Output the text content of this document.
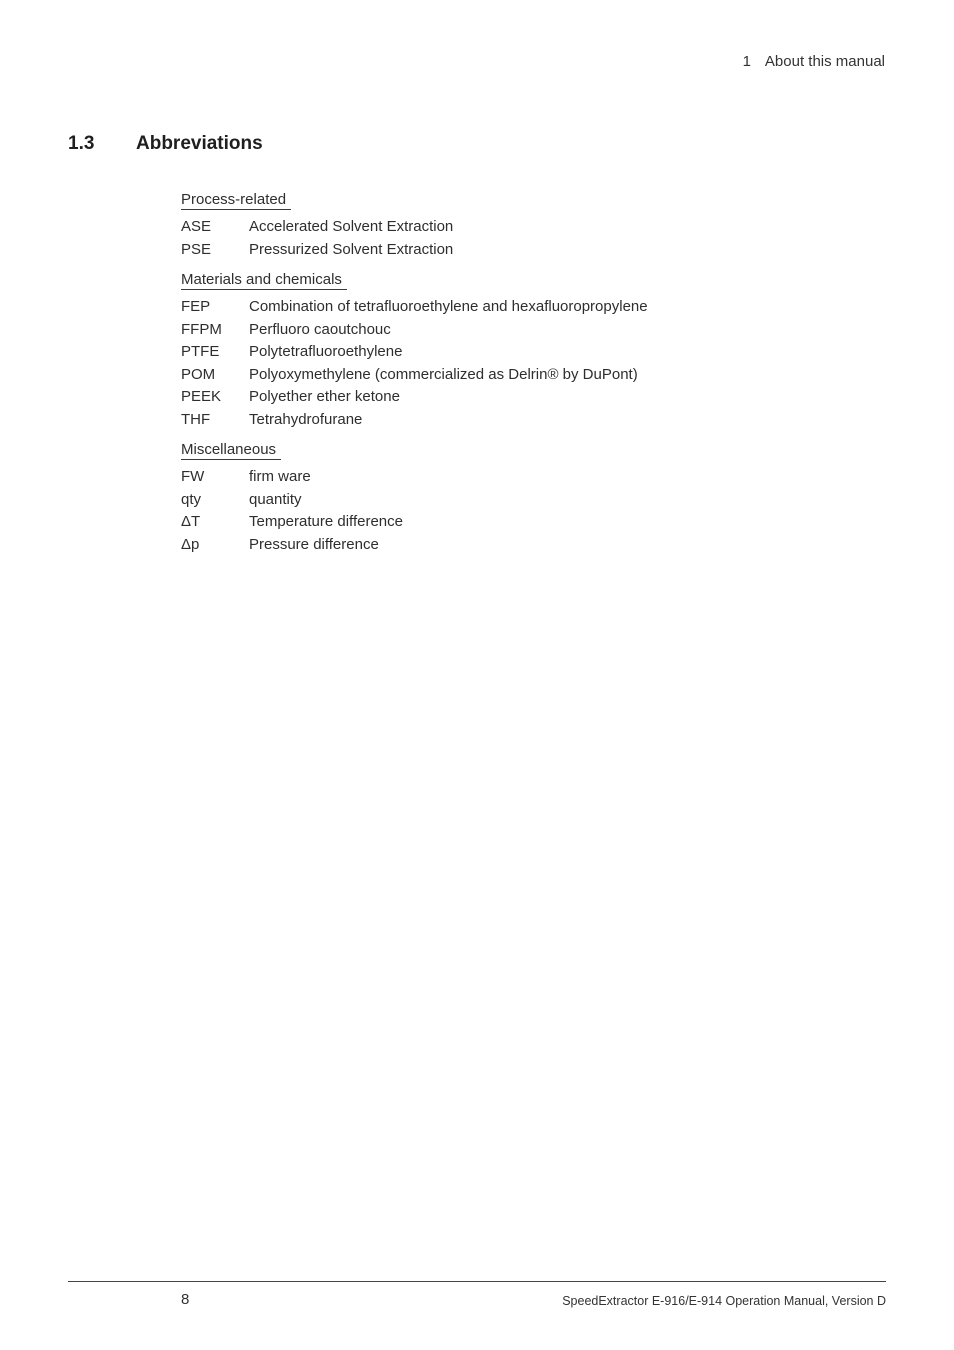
1 About this manual
1.3 Abbreviations
Process-related
ASE	Accelerated Solvent Extraction
PSE	Pressurized Solvent Extraction
Materials and chemicals
FEP	Combination of tetrafluoroethylene and hexafluoropropylene
FFPM	Perfluoro caoutchouc
PTFE	Polytetrafluoroethylene
POM	Polyoxymethylene (commercialized as Delrin® by DuPont)
PEEK	Polyether ether ketone
THF	Tetrahydrofurane
Miscellaneous
FW	firm ware
qty	quantity
ΔT	Temperature difference
Δp	Pressure difference
8	SpeedExtractor E-916/E-914 Operation Manual, Version D
